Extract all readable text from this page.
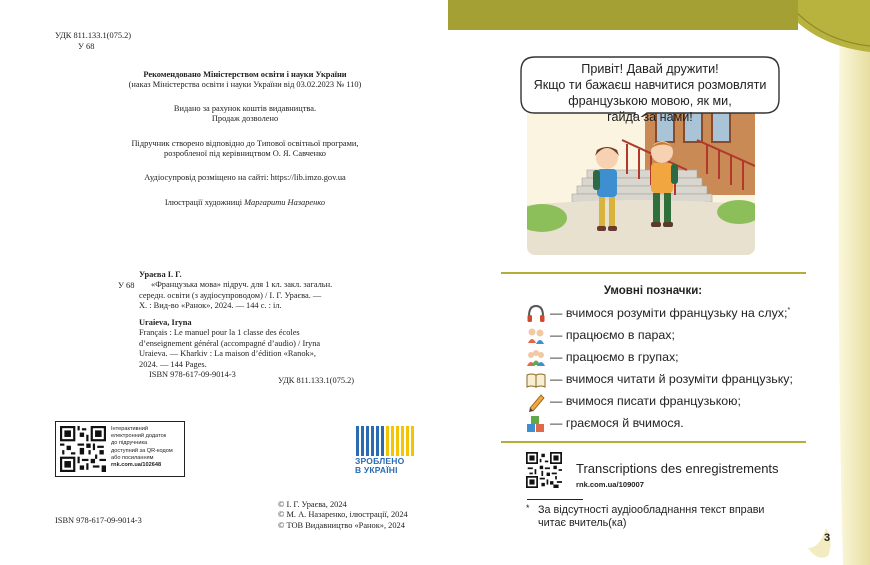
УДК 811.133.1(075.2)
У 68
Рекомендовано Міністерством освіти і науки України
(наказ Міністерства освіти і науки України від 03.02.2023 № 110)
Видано за рахунок коштів видавництва.
Продаж дозволено
Підручник створено відповідно до Типової освітньої програми,
розробленої під керівництвом О. Я. Савченко
Аудіосупровід розміщено на сайті: https://lib.imzo.gov.ua
Ілюстрації художниці Маргарити Назаренко
У 68
Ураєва І. Г.
«Французька мова» підруч. для 1 кл. закл. загальн.
середн. освіти (з аудіосупроводом) / І. Г. Ураєва. —
Х. : Вид-во «Ранок», 2024. — 144 с. : іл.
Uraieva, Iryna
Français : Le manuel pour la 1 classe des écoles
d’enseignement général (accompagné d’audio) / Iryna
Uraieva. — Kharkiv : La maison d’édition «Ranok»,
2024. — 144 Pages.
ISBN 978-617-09-9014-3
УДК 811.133.1(075.2)
Інтерактивний
електронний додаток
до підручника
доступний за QR-кодом
або посиланням
rnk.com.ua/102648	ЗРОБЛЕНО
В УКРАЇНІ
ISBN 978-617-09-9014-3
© І. Г. Ураєва, 2024
© М. А. Назаренко, ілюстрації, 2024
© ТОВ Видавництво «Ранок», 2024
Привіт! Давай дружити!
Якщо ти бажаєш навчитися розмовляти
французькою мовою, як ми,
гайда за нами!
Умовні позначки:
— вчимося розуміти французьку на слух;*
— працюємо в парах;
— працюємо в групах;
— вчимося читати й розуміти французьку;
— вчимося писати французькою;
— граємося й вчимося.
Transcriptions des enregistrements
rnk.com.ua/109007
* За відсутності аудіообладнання текст вправи читає вчитель(ка)
3
